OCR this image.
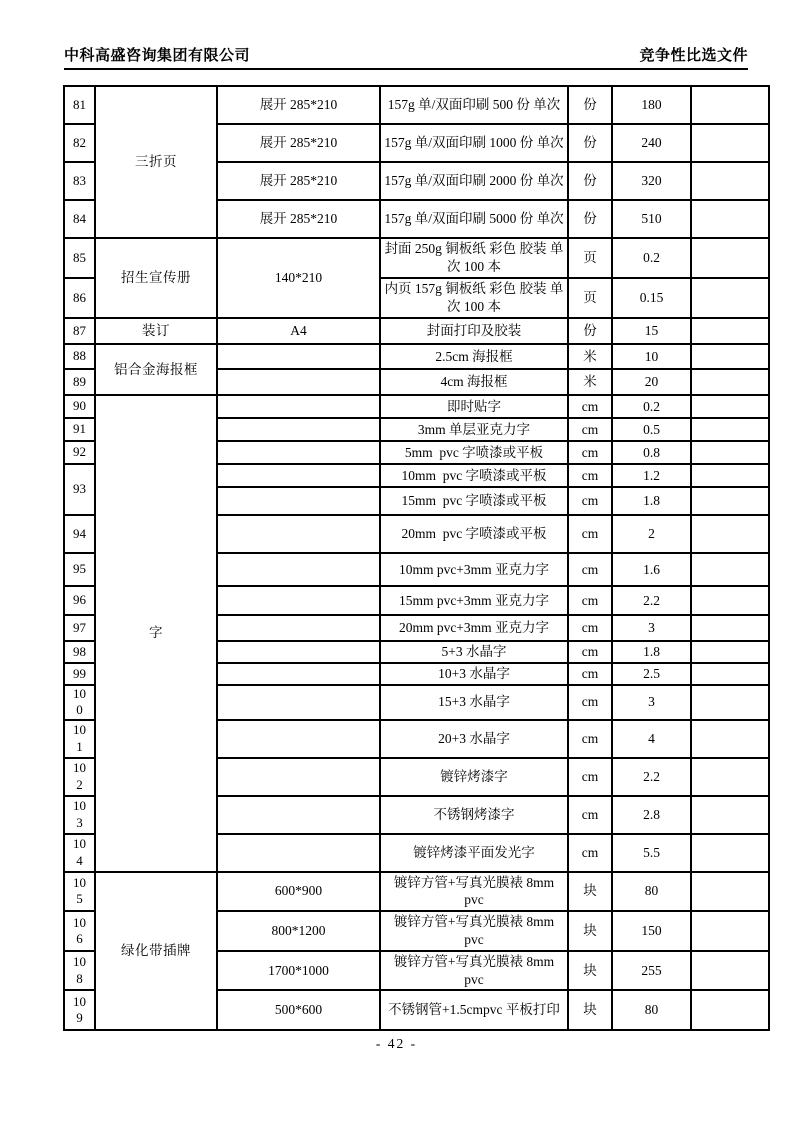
中科高盛咨询集团有限公司	竞争性比选文件
81	三折页	展开 285*210	157g 单/双面印刷 500 份 单次	份	180	
82		展开 285*210	157g 单/双面印刷 1000 份 单次	份	240	
83		展开 285*210	157g 单/双面印刷 2000 份 单次	份	320	
84		展开 285*210	157g 单/双面印刷 5000 份 单次	份	510	
85	招生宣传册	140*210	封面 250g 铜板纸 彩色 胶装 单次 100 本	页	0.2	
86			内页 157g 铜板纸 彩色 胶装 单次 100 本	页	0.15	
87	装订	A4	封面打印及胶装	份	15	
88	铝合金海报框		2.5cm 海报框	米	10	
89			4cm 海报框	米	20	
90	字		即时贴字	cm	0.2	
91			3mm 单层亚克力字	cm	0.5	
92			5mm  pvc 字喷漆或平板	cm	0.8	
93			10mm  pvc 字喷漆或平板	cm	1.2	
			15mm  pvc 字喷漆或平板	cm	1.8	
94			20mm  pvc 字喷漆或平板	cm	2	
95			10mm pvc+3mm 亚克力字	cm	1.6	
96			15mm pvc+3mm 亚克力字	cm	2.2	
97			20mm pvc+3mm 亚克力字	cm	3	
98			5+3 水晶字	cm	1.8	
99			10+3 水晶字	cm	2.5	
100			15+3 水晶字	cm	3	
101			20+3 水晶字	cm	4	
102			镀锌烤漆字	cm	2.2	
103			不锈钢烤漆字	cm	2.8	
104			镀锌烤漆平面发光字	cm	5.5	
105	绿化带插牌	600*900	镀锌方管+写真光膜裱 8mm pvc	块	80	
106		800*1200	镀锌方管+写真光膜裱 8mm pvc	块	150	
108		1700*1000	镀锌方管+写真光膜裱 8mm pvc	块	255	
109		500*600	不锈钢管+1.5cmpvc 平板打印	块	80	
- 42 -
